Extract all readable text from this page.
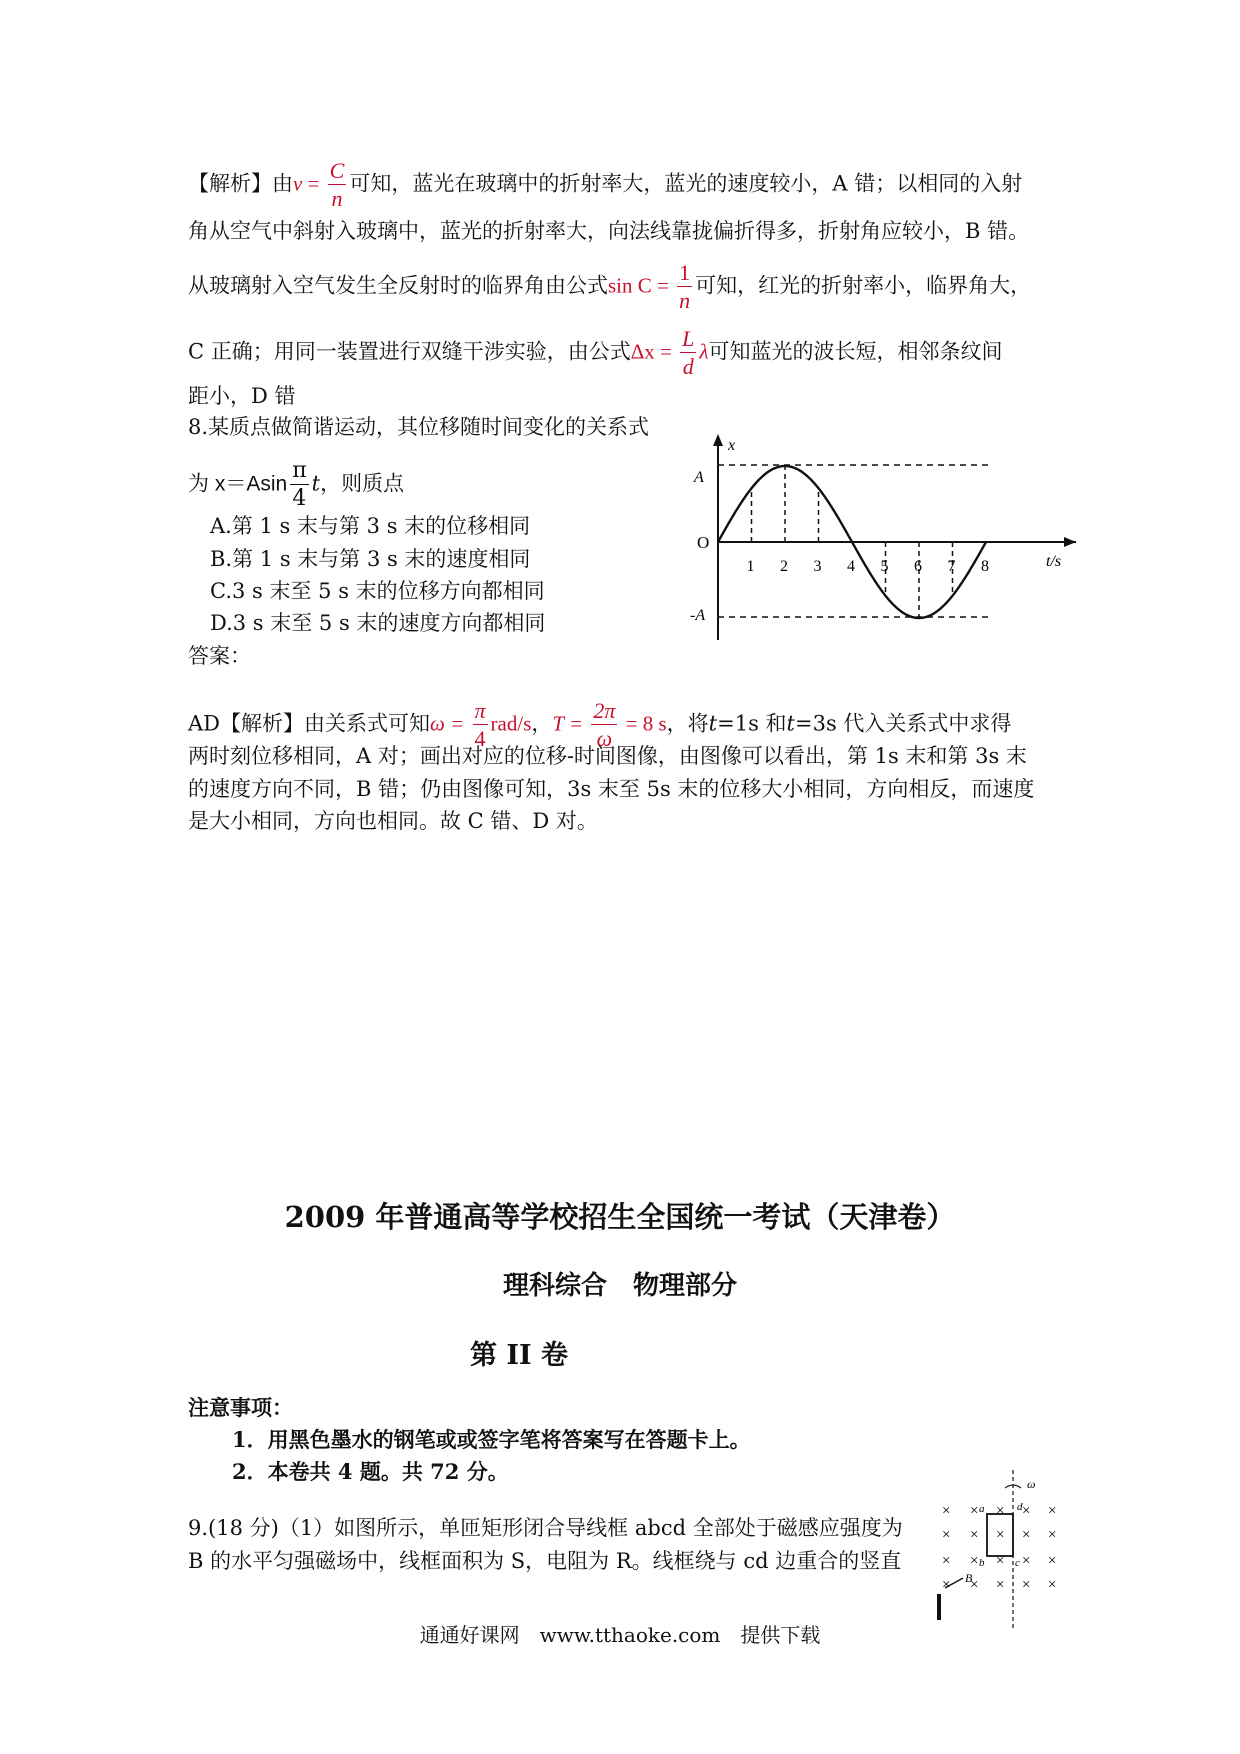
【解析】由$v = \frac{C}{n}$ 可知，蓝光在玻璃中的折射率大，蓝光的速度较小，A 错；以相同的入射
角从空气中斜射入玻璃中，蓝光的折射率大，向法线靠拢偏折得多，折射角应较小，B 错。
从玻璃射入空气发生全反射时的临界角由公式$\sin C = \frac{1}{n}$ 可知，红光的折射率小，临界角大，
C 正确；用同一装置进行双缝干涉实验，由公式$\Delta x = \frac{L}{d}$ λ可知蓝光的波长短，相邻条纹间
距小，D 错
8.某质点做简谐运动，其位移随时间变化的关系式
为 $x=Asin \frac{\pi}{4}$ t，则质点
A.第 1 s 末与第 3 s 末的位移相同
B.第 1 s 末与第 3 s 末的速度相同
C.3 s 末至 5 s 末的位移方向都相同
D.3 s 末至 5 s 末的速度方向都相同
答案：
AD【解析】由关系式可知$\omega = \frac{\pi}{4} rad/s$，$T = \frac{2\pi}{\omega} = 8$ s，将t=1s 和t=3s 代入关系式中求得
两时刻位移相同，A 对；画出对应的位移-时间图像，由图像可以看出，第 1s 末和第 3s 末
的速度方向不同，B 错；仍由图像可知，3s 末至 5s 末的位移大小相同，方向相反，而速度
是大小相同，方向也相同。故 C 错、D 对。
x
t/s
O
A
-A
1 2 3 4 5 6 7 8
2009 年普通高等学校招生全国统一考试（天津卷）
理科综合　物理部分
第 II 卷
注意事项：
1．用黑色墨水的钢笔或或签字笔将答案写在答题卡上。
2．本卷共 4 题。共 72 分。
9.(18 分)（1）如图所示，单匝矩形闭合导线框 abcd 全部处于磁感应强度为
B 的水平匀强磁场中，线框面积为 S，电阻为 R。线框绕与 cd 边重合的竖直
ω
a
b	c
d
B
× × × × ×
× × × × ×
× × × × ×
× × × × ×
通通好课网　www.tthaoke.com　提供下载
